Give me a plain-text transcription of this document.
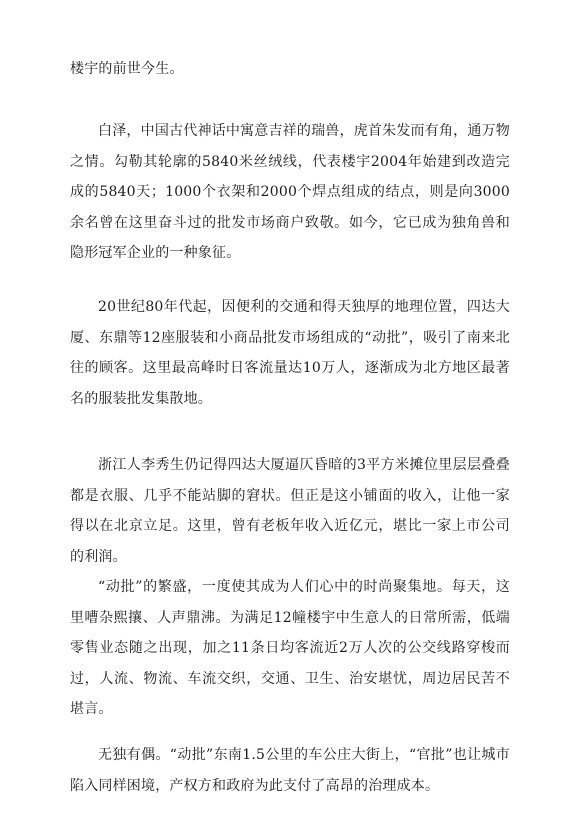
楼宇的前世今生。

白泽，中国古代神话中寓意吉祥的瑞兽，虎首朱发而有角，通万物之情。勾勒其轮廓的5840米丝绒线，代表楼宇2004年始建到改造完成的5840天；1000个衣架和2000个焊点组成的结点，则是向3000余名曾在这里奋斗过的批发市场商户致敬。如今，它已成为独角兽和隐形冠军企业的一种象征。

20世纪80年代起，因便利的交通和得天独厚的地理位置，四达大厦、东鼎等12座服装和小商品批发市场组成的“动批”，吸引了南来北往的顾客。这里最高峰时日客流量达10万人，逐渐成为北方地区最著名的服装批发集散地。

浙江人李秀生仍记得四达大厦逼仄昏暗的3平方米摊位里层层叠叠都是衣服、几乎不能站脚的窘状。但正是这小铺面的收入，让他一家得以在北京立足。这里，曾有老板年收入近亿元，堪比一家上市公司的利润。

“动批”的繁盛，一度使其成为人们心中的时尚聚集地。每天，这里嘈杂熙攘、人声鼎沸。为满足12幢楼宇中生意人的日常所需，低端零售业态随之出现，加之11条日均客流近2万人次的公交线路穿梭而过，人流、物流、车流交织，交通、卫生、治安堪忧，周边居民苦不堪言。

无独有偶。“动批”东南1.5公里的车公庄大街上，“官批”也让城市陷入同样困境，产权方和政府为此支付了高昂的治理成本。
